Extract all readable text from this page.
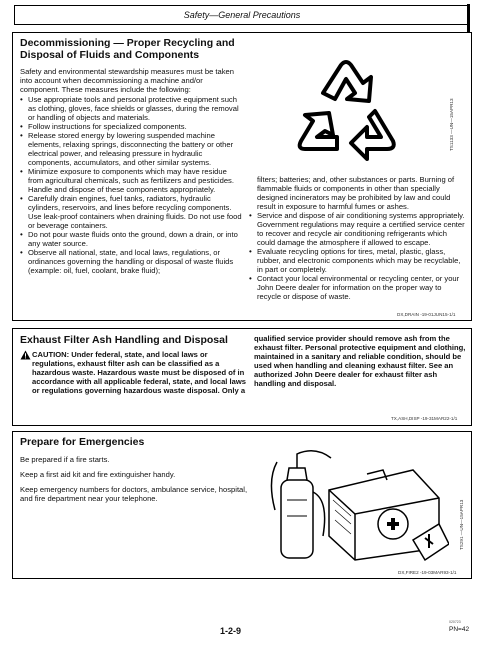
Safety—General Precautions
Decommissioning — Proper Recycling and
Disposal of Fluids and Components

Safety and environmental stewardship measures must be taken into account when decommissioning a machine and/or component. These measures include the following:

• Use appropriate tools and personal protective equipment such as clothing, gloves, face shields or glasses, during the removal or handling of objects and materials.
• Follow instructions for specialized components.
• Release stored energy by lowering suspended machine elements, relaxing springs, disconnecting the battery or other electrical power, and releasing pressure in hydraulic components, accumulators, and other similar systems.
• Minimize exposure to components which may have residue from agricultural chemicals, such as fertilizers and pesticides. Handle and dispose of these components appropriately.
• Carefully drain engines, fuel tanks, radiators, hydraulic cylinders, reservoirs, and lines before recycling components. Use leak-proof containers when draining fluids. Do not use food or beverage containers.
• Do not pour waste fluids onto the ground, down a drain, or into any water source.
• Observe all national, state, and local laws, regulations, or ordinances governing the handling or disposal of waste fluids (example: oil, fuel, coolant, brake fluid);
TS1133 —UN—15APR13

filters; batteries; and, other substances or parts. Burning of flammable fluids or components in other than specially designed incinerators may be prohibited by law and could result in exposure to harmful fumes or ashes.

• Service and dispose of air conditioning systems appropriately. Government regulations may require a certified service center to recover and recycle air conditioning refrigerants which could damage the atmosphere if allowed to escape.
• Evaluate recycling options for tires, metal, plastic, glass, rubber, and electronic components which may be recyclable, in part or completely.
• Contact your local environmental or recycling center, or your John Deere dealer for information on the proper way to recycle or dispose of waste.
DX,DRAIN -19-01JUN15-1/1
Exhaust Filter Ash Handling and Disposal
CAUTION: Under federal, state, and local laws or regulations, exhaust filter ash can be classified as a hazardous waste. Hazardous waste must be disposed of in accordance with all applicable federal, state, and local laws or regulations governing hazardous waste disposal. Only a
qualified service provider should remove ash from the exhaust filter. Personal protective equipment and clothing, maintained in a sanitary and reliable condition, should be used when handling and cleaning exhaust filter. See an authorized John Deere dealer for exhaust filter ash handling and disposal.
TX,ASH,DISP -19-31MAR22-1/1
Prepare for Emergencies

Be prepared if a fire starts.

Keep a first aid kit and fire extinguisher handy.

Keep emergency numbers for doctors, ambulance service, hospital, and fire department near your telephone.

TS291 —UN—15APR13
DX,FIRE2 -19-03MAR93-1/1
1-2-9
020723
PN=42
